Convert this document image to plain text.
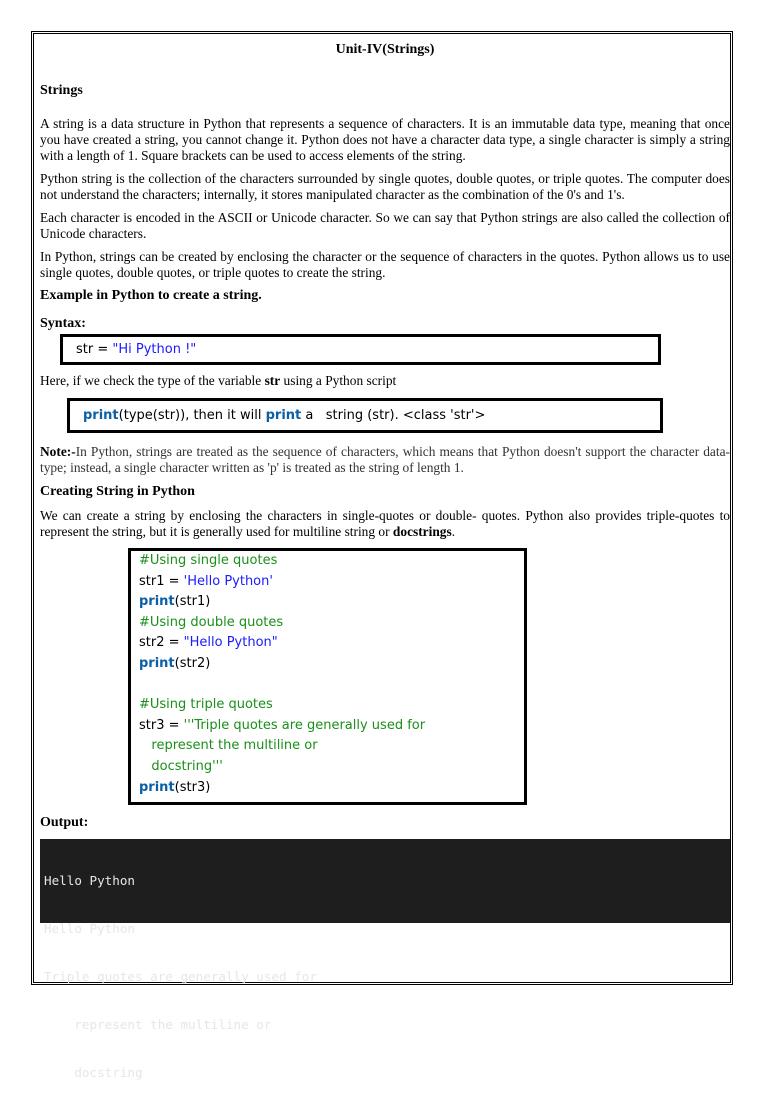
Unit-IV(Strings)
Strings

A string is a data structure in Python that represents a sequence of characters. It is an immutable data type, meaning that once you have created a string, you cannot change it. Python does not have a character data type, a single character is simply a string with a length of 1. Square brackets can be used to access elements of the string.

Python string is the collection of the characters surrounded by single quotes, double quotes, or triple quotes. The computer does not understand the characters; internally, it stores manipulated character as the combination of the 0's and 1's.

Each character is encoded in the ASCII or Unicode character. So we can say that Python strings are also called the collection of Unicode characters.

In Python, strings can be created by enclosing the character or the sequence of characters in the quotes. Python allows us to use single quotes, double quotes, or triple quotes to create the string.

Example in Python to create a string.
Syntax:
str = "Hi Python !"

Here, if we check the type of the variable str using a Python script

print(type(str)), then it will print a   string (str). <class 'str'>

Note:-In Python, strings are treated as the sequence of characters, which means that Python doesn't support the character data-type; instead, a single character written as 'p' is treated as the string of length 1.

Creating String in Python

We can create a string by enclosing the characters in single-quotes or double- quotes. Python also provides triple-quotes to represent the string, but it is generally used for multiline string or docstrings.

#Using single quotes
str1 = 'Hello Python'
print(str1)
#Using double quotes
str2 = "Hello Python"
print(str2)

#Using triple quotes
str3 = '''Triple quotes are generally used for
represent the multiline or
docstring'''
print(str3)
Output:

Hello Python

Hello Python

Triple quotes are generally used for

represent the multiline or

docstring
